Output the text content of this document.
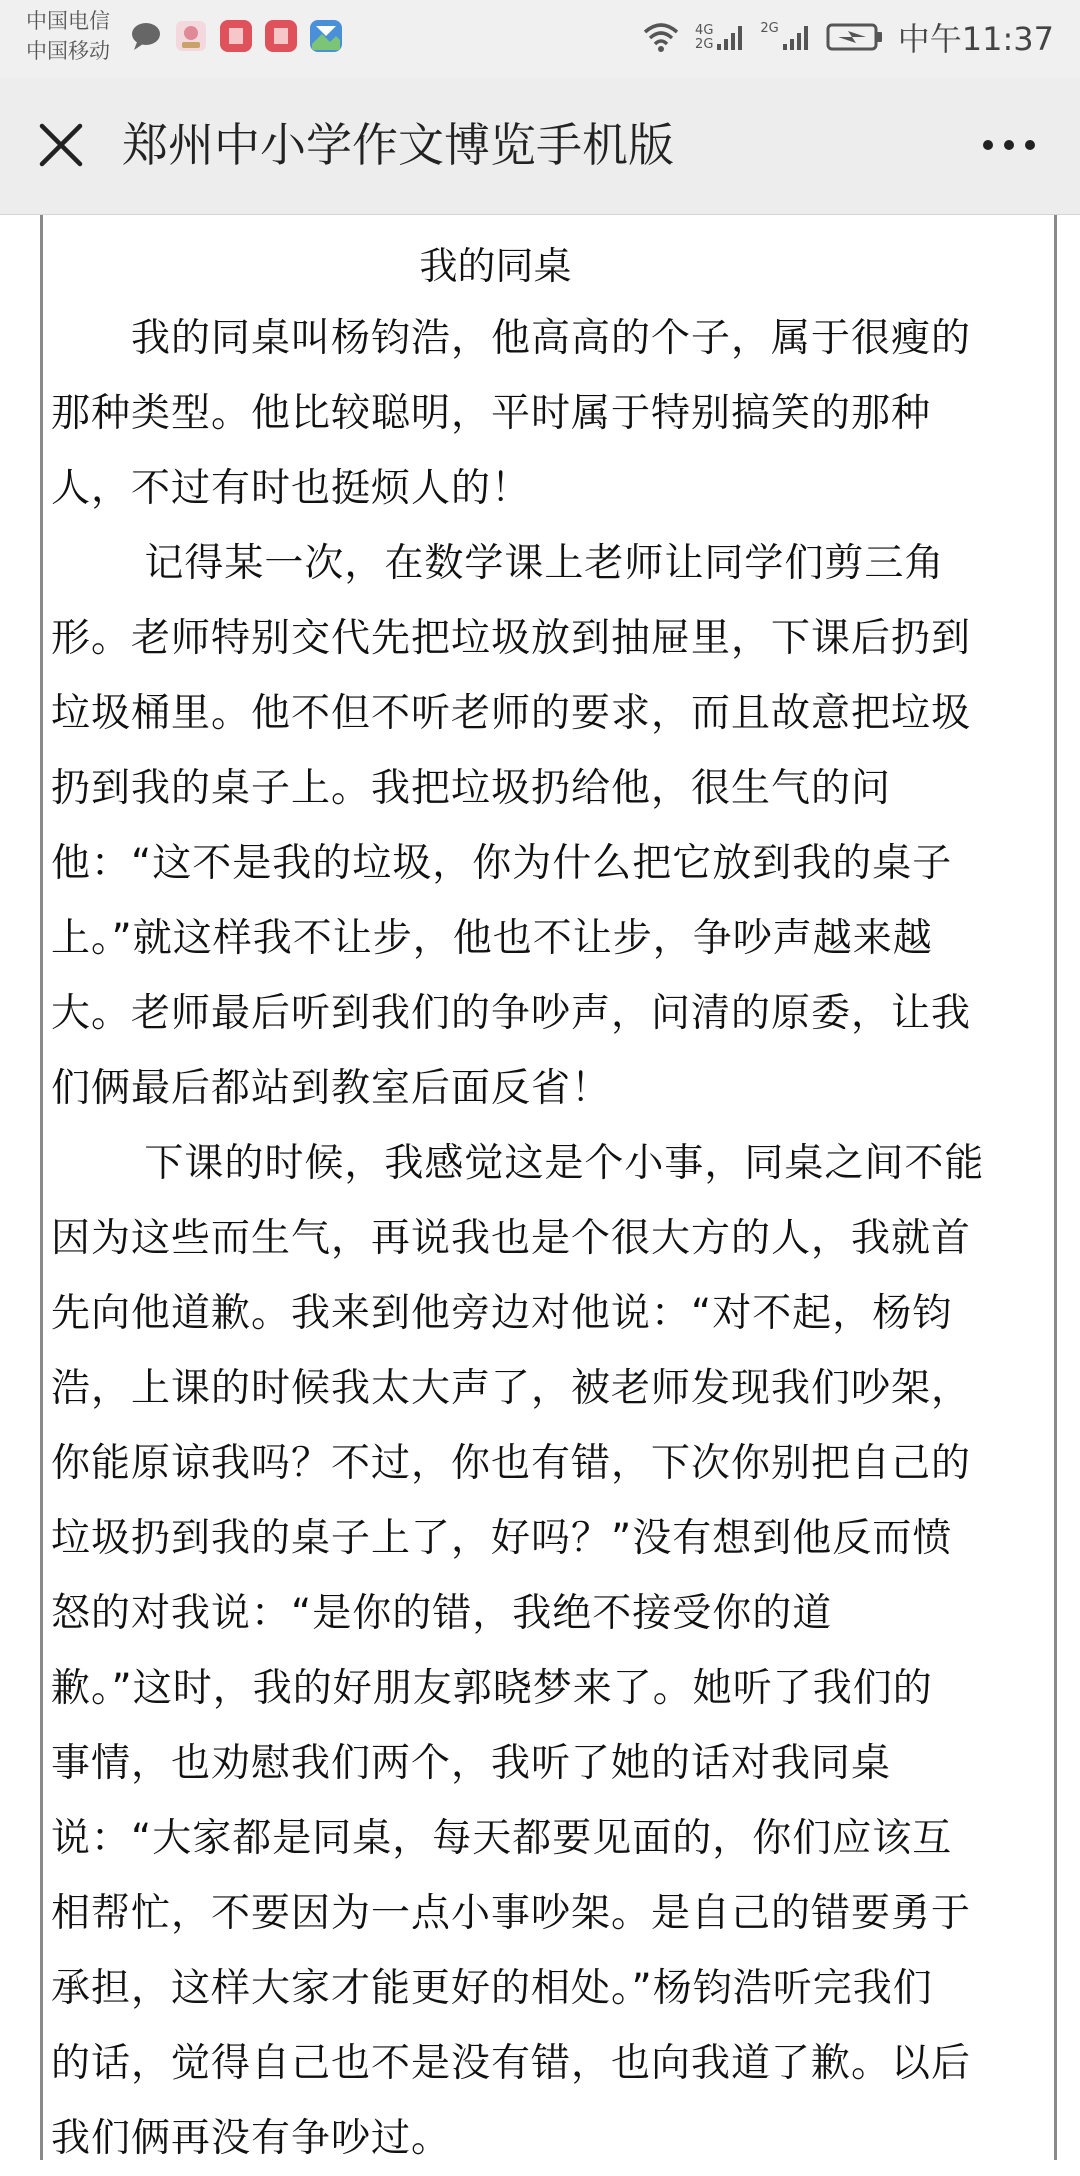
中国电信
中国移动
4G
2G
2G	中午11:37
郑州中小学作文博览手机版
我的同桌
　　我的同桌叫杨钧浩，他高高的个子，属于很瘦的
那种类型。他比较聪明，平时属于特别搞笑的那种
人，不过有时也挺烦人的！
　　 记得某一次，在数学课上老师让同学们剪三角
形。老师特别交代先把垃圾放到抽屉里，下课后扔到
垃圾桶里。他不但不听老师的要求，而且故意把垃圾
扔到我的桌子上。我把垃圾扔给他，很生气的问
他：“这不是我的垃圾，你为什么把它放到我的桌子
上。”就这样我不让步，他也不让步，争吵声越来越
大。老师最后听到我们的争吵声，问清的原委，让我
们俩最后都站到教室后面反省！
　　 下课的时候，我感觉这是个小事，同桌之间不能
因为这些而生气，再说我也是个很大方的人，我就首
先向他道歉。我来到他旁边对他说：“对不起，杨钧
浩，上课的时候我太大声了，被老师发现我们吵架，
你能原谅我吗？不过，你也有错，下次你别把自己的
垃圾扔到我的桌子上了，好吗？”没有想到他反而愤
怒的对我说：“是你的错，我绝不接受你的道
歉。”这时，我的好朋友郭晓梦来了。她听了我们的
事情，也劝慰我们两个，我听了她的话对我同桌
说：“大家都是同桌，每天都要见面的，你们应该互
相帮忙，不要因为一点小事吵架。是自己的错要勇于
承担，这样大家才能更好的相处。”杨钧浩听完我们
的话，觉得自己也不是没有错，也向我道了歉。以后
我们俩再没有争吵过。
